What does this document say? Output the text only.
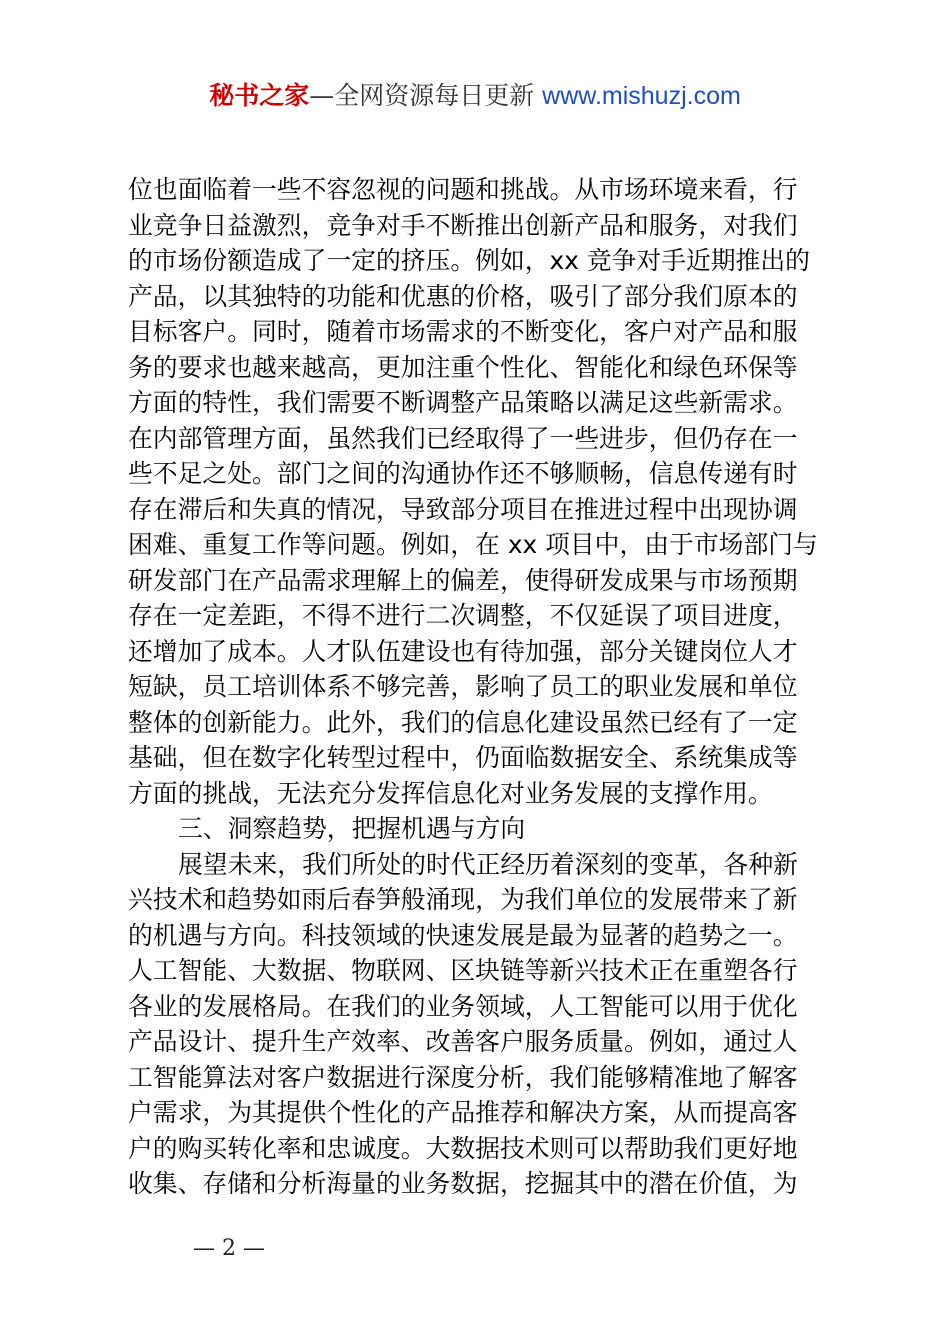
秘书之家—全网资源每日更新 www.mishuzj.com

位也面临着一些不容忽视的问题和挑战。从市场环境来看，行

业竞争日益激烈，竞争对手不断推出创新产品和服务，对我们

的市场份额造成了一定的挤压。例如，xx 竞争对手近期推出的

产品，以其独特的功能和优惠的价格，吸引了部分我们原本的

目标客户。同时，随着市场需求的不断变化，客户对产品和服

务的要求也越来越高，更加注重个性化、智能化和绿色环保等

方面的特性，我们需要不断调整产品策略以满足这些新需求。

在内部管理方面，虽然我们已经取得了一些进步，但仍存在一

些不足之处。部门之间的沟通协作还不够顺畅，信息传递有时

存在滞后和失真的情况，导致部分项目在推进过程中出现协调

困难、重复工作等问题。例如，在 xx 项目中，由于市场部门与

研发部门在产品需求理解上的偏差，使得研发成果与市场预期

存在一定差距，不得不进行二次调整，不仅延误了项目进度，

还增加了成本。人才队伍建设也有待加强，部分关键岗位人才

短缺，员工培训体系不够完善，影响了员工的职业发展和单位

整体的创新能力。此外，我们的信息化建设虽然已经有了一定

基础，但在数字化转型过程中，仍面临数据安全、系统集成等

方面的挑战，无法充分发挥信息化对业务发展的支撑作用。

三、洞察趋势，把握机遇与方向

展望未来，我们所处的时代正经历着深刻的变革，各种新

兴技术和趋势如雨后春笋般涌现，为我们单位的发展带来了新

的机遇与方向。科技领域的快速发展是最为显著的趋势之一。

人工智能、大数据、物联网、区块链等新兴技术正在重塑各行

各业的发展格局。在我们的业务领域，人工智能可以用于优化

产品设计、提升生产效率、改善客户服务质量。例如，通过人

工智能算法对客户数据进行深度分析，我们能够精准地了解客

户需求，为其提供个性化的产品推荐和解决方案，从而提高客

户的购买转化率和忠诚度。大数据技术则可以帮助我们更好地

收集、存储和分析海量的业务数据，挖掘其中的潜在价值，为

— 2 —
